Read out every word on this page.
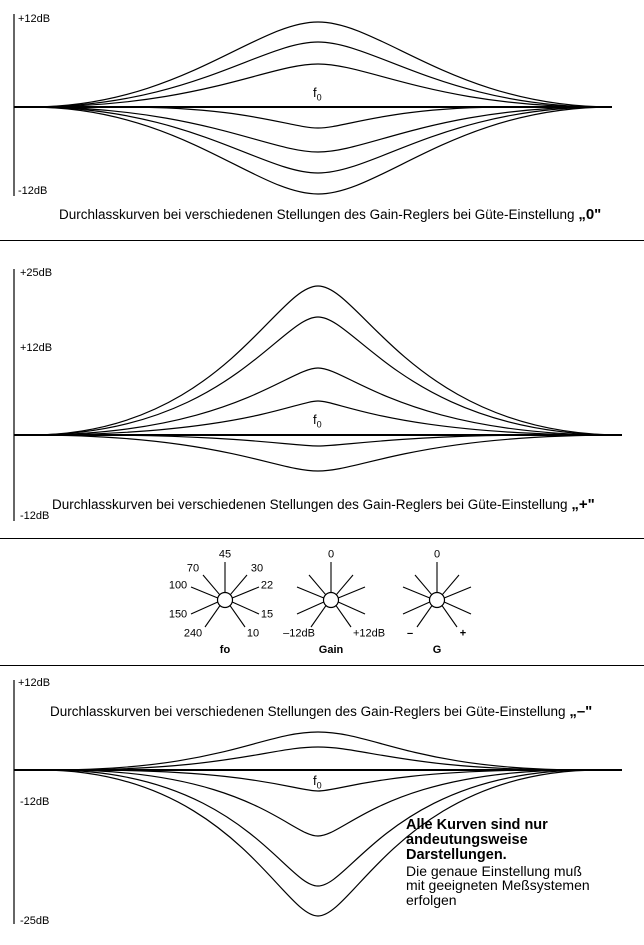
+12dB
-12dB
$f_0$
Durchlasskurven bei verschiedenen Stellungen des Gain-Reglers bei Güte-Einstellung „0"
+25dB
+12dB
-12dB
$f_0$
Durchlasskurven bei verschiedenen Stellungen des Gain-Reglers bei Güte-Einstellung „+"
45
30
22
15
10
240
150
100
70
fo
0
–12dB	+12dB
Gain
0
–	+
G
+12dB
-12dB
-25dB
$f_0$
Durchlasskurven bei verschiedenen Stellungen des Gain-Reglers bei Güte-Einstellung „–"
Alle Kurven sind nur
andeutungsweise
Darstellungen.
Die genaue Einstellung muß
mit geeigneten Meßsystemen
erfolgen
